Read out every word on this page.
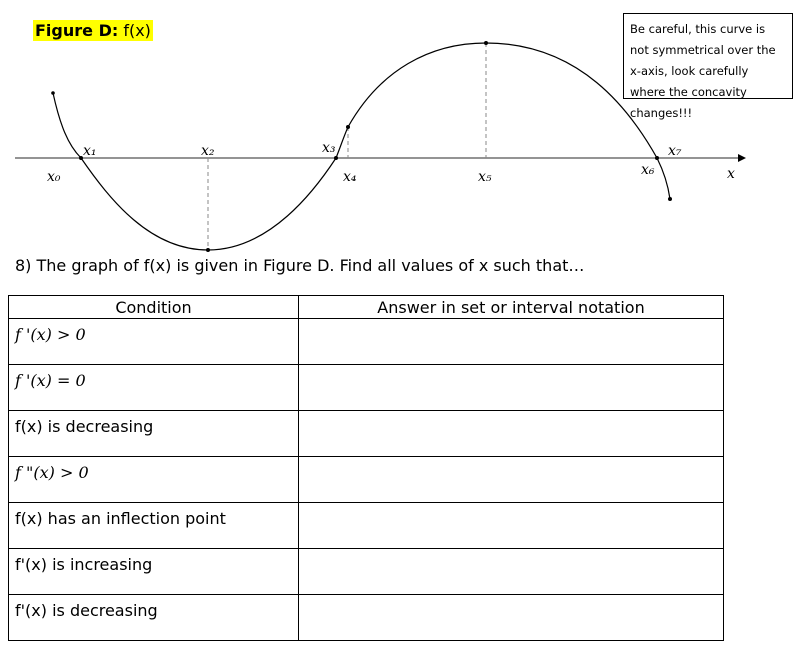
Figure D: f(x)	Be careful, this curve is not symmetrical over the x-axis, look carefully where the concavity changes!!!
x
x₀
x₁	x₂	x₃
x₄	x₅	x₆
x₇
8) The graph of f(x) is given in Figure D. Find all values of x such that…
Condition	Answer in set or interval notation
f '(x) > 0	
f '(x) = 0	
f(x) is decreasing	
f "(x) > 0	
f(x) has an inflection point	
f'(x) is increasing	
f'(x) is decreasing	
